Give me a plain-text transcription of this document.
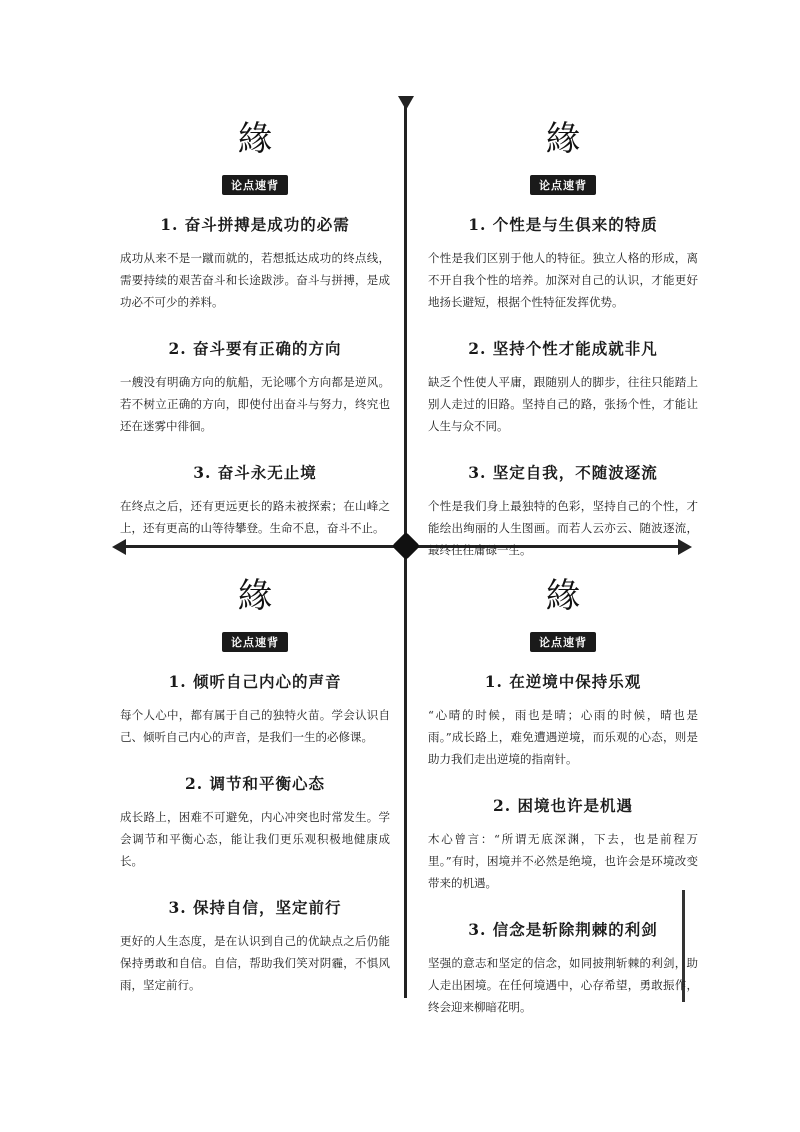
緣
论点速背
1. 奋斗拼搏是成功的必需

成功从来不是一蹴而就的，若想抵达成功的终点线，需要持续的艰苦奋斗和长途跋涉。奋斗与拼搏，是成功必不可少的养料。

2. 奋斗要有正确的方向

一艘没有明确方向的航船，无论哪个方向都是逆风。若不树立正确的方向，即使付出奋斗与努力，终究也还在迷雾中徘徊。

3. 奋斗永无止境

在终点之后，还有更远更长的路未被探索；在山峰之上，还有更高的山等待攀登。生命不息，奋斗不止。

緣
论点速背
1. 个性是与生俱来的特质

个性是我们区别于他人的特征。独立人格的形成，离不开自我个性的培养。加深对自己的认识，才能更好地扬长避短，根据个性特征发挥优势。

2. 坚持个性才能成就非凡

缺乏个性使人平庸，跟随别人的脚步，往往只能踏上别人走过的旧路。坚持自己的路，张扬个性，才能让人生与众不同。

3. 坚定自我，不随波逐流

个性是我们身上最独特的色彩，坚持自己的个性，才能绘出绚丽的人生图画。而若人云亦云、随波逐流，最终往往庸碌一生。

緣
论点速背
1. 倾听自己内心的声音

每个人心中，都有属于自己的独特火苗。学会认识自己、倾听自己内心的声音，是我们一生的必修课。

2. 调节和平衡心态

成长路上，困难不可避免，内心冲突也时常发生。学会调节和平衡心态，能让我们更乐观积极地健康成长。

3. 保持自信，坚定前行

更好的人生态度，是在认识到自己的优缺点之后仍能保持勇敢和自信。自信，帮助我们笑对阴霾，不惧风雨，坚定前行。

緣
论点速背
1. 在逆境中保持乐观

“心晴的时候，雨也是晴；心雨的时候，晴也是雨。”成长路上，难免遭遇逆境，而乐观的心态，则是助力我们走出逆境的指南针。

2. 困境也许是机遇

木心曾言：“所谓无底深渊，下去，也是前程万里。”有时，困境并不必然是绝境，也许会是环境改变带来的机遇。

3. 信念是斩除荆棘的利剑

坚强的意志和坚定的信念，如同披荆斩棘的利剑，助人走出困境。在任何境遇中，心存希望，勇敢振作，终会迎来柳暗花明。
